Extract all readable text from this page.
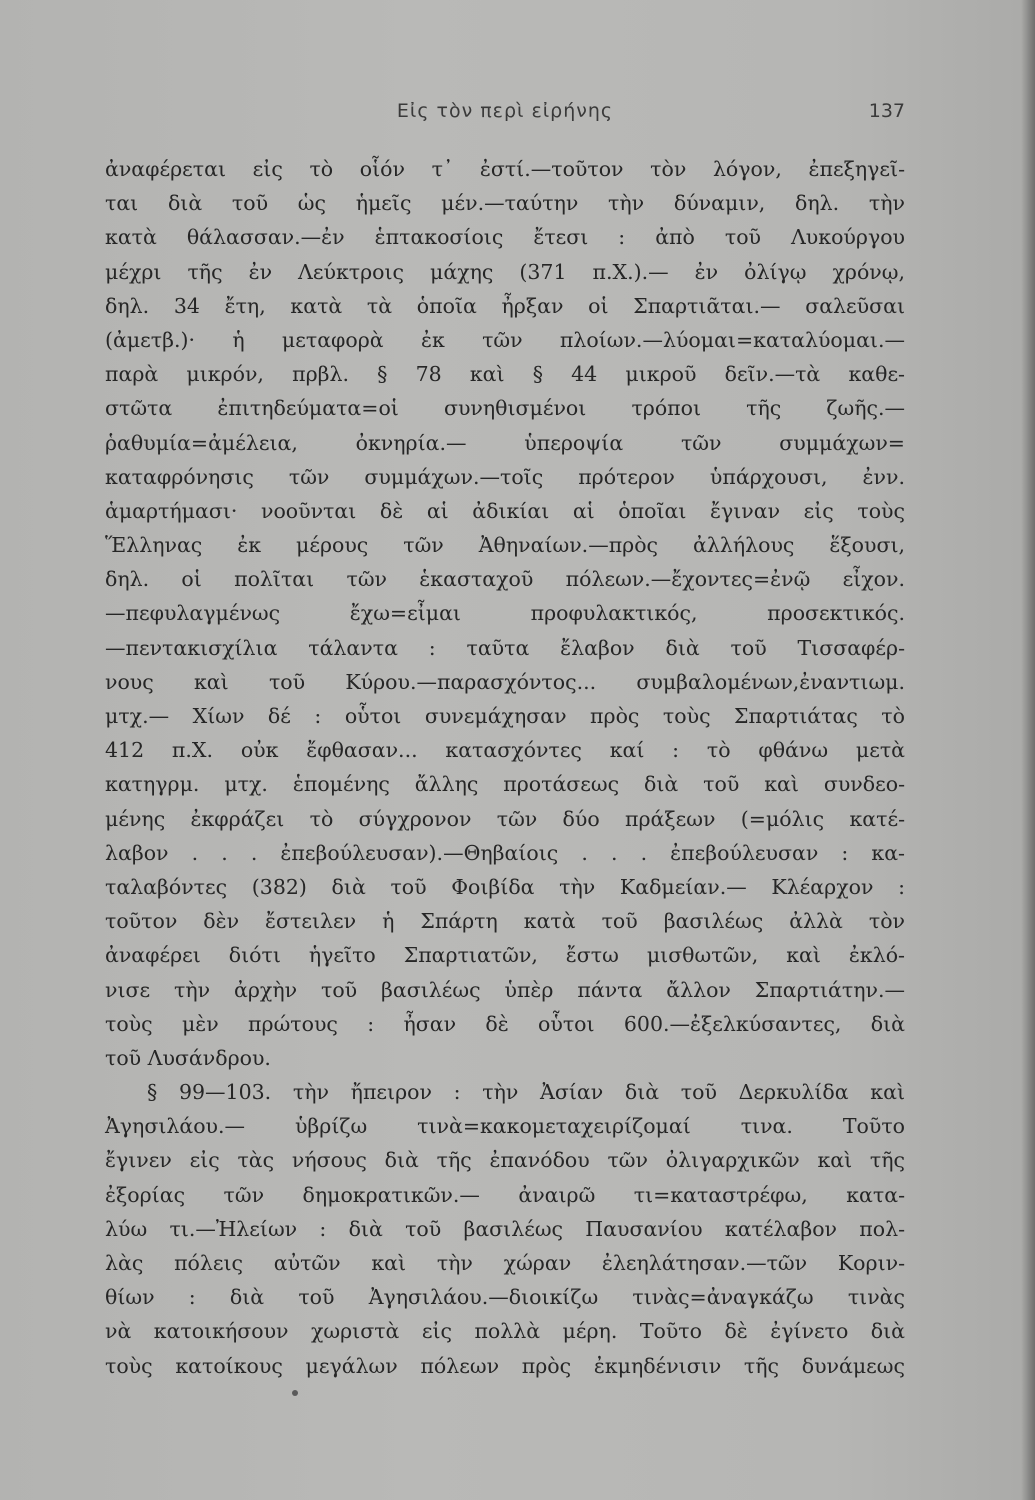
Εἰς τὸν περὶ εἰρήνης	137
ἀναφέρεται εἰς τὸ οἷόν τ᾿ ἐστί.—τοῦτον τὸν λόγον, ἐπεξηγεῖ-
ται διὰ τοῦ ὡς ἡμεῖς μέν.—ταύτην τὴν δύναμιν, δηλ. τὴν
κατὰ θάλασσαν.—ἐν ἑπτακοσίοις ἔτεσι : ἀπὸ τοῦ Λυκούργου
μέχρι τῆς ἐν Λεύκτροις μάχης (371 π.Χ.).— ἐν ὀλίγῳ χρόνῳ,
δηλ. 34 ἔτη, κατὰ τὰ ὁποῖα ἦρξαν οἱ Σπαρτιᾶται.— σαλεῦσαι
(ἀμετβ.)· ἡ μεταφορὰ ἐκ τῶν πλοίων.—λύομαι=καταλύομαι.—
παρὰ μικρόν, πρβλ. § 78 καὶ § 44 μικροῦ δεῖν.—τὰ καθε-
στῶτα ἐπιτηδεύματα=οἱ συνηθισμένοι τρόποι τῆς ζωῆς.—
ῥαθυμία=ἀμέλεια, ὀκνηρία.— ὑπεροψία τῶν συμμάχων=
καταφρόνησις τῶν συμμάχων.—τοῖς πρότερον ὑπάρχουσι, ἐνν.
ἁμαρτήμασι· νοοῦνται δὲ αἱ ἀδικίαι αἱ ὁποῖαι ἔγιναν εἰς τοὺς
Ἕλληνας ἐκ μέρους τῶν Ἀθηναίων.—πρὸς ἀλλήλους ἕξουσι,
δηλ. οἱ πολῖται τῶν ἑκασταχοῦ πόλεων.—ἔχοντες=ἐνῷ εἶχον.
—πεφυλαγμένως ἔχω=εἶμαι προφυλακτικός, προσεκτικός.
—πεντακισχίλια τάλαντα : ταῦτα ἔλαβον διὰ τοῦ Τισσαφέρ-
νους καὶ τοῦ Κύρου.—παρασχόντος... συμβαλομένων,ἐναντιωμ.
μτχ.— Χίων δέ : οὗτοι συνεμάχησαν πρὸς τοὺς Σπαρτιάτας τὸ
412 π.Χ. οὐκ ἔφθασαν... κατασχόντες καί : τὸ φθάνω μετὰ
κατηγρμ. μτχ. ἑπομένης ἄλλης προτάσεως διὰ τοῦ καὶ συνδεο-
μένης ἐκφράζει τὸ σύγχρονον τῶν δύο πράξεων (=μόλις κατέ-
λαβον . . . ἐπεβούλευσαν).—Θηβαίοις . . . ἐπεβούλευσαν : κα-
ταλαβόντες (382) διὰ τοῦ Φοιβίδα τὴν Καδμείαν.— Κλέαρχον :
τοῦτον δὲν ἔστειλεν ἡ Σπάρτη κατὰ τοῦ βασιλέως ἀλλὰ τὸν
ἀναφέρει διότι ἡγεῖτο Σπαρτιατῶν, ἔστω μισθωτῶν, καὶ ἐκλό-
νισε τὴν ἀρχὴν τοῦ βασιλέως ὑπὲρ πάντα ἄλλον Σπαρτιάτην.—
τοὺς μὲν πρώτους : ἦσαν δὲ οὗτοι 600.—ἐξελκύσαντες, διὰ
τοῦ Λυσάνδρου.
§ 99—103. τὴν ἤπειρον : τὴν Ἀσίαν διὰ τοῦ Δερκυλίδα καὶ
Ἀγησιλάου.— ὑβρίζω τινὰ=κακομεταχειρίζομαί τινα. Τοῦτο
ἔγινεν εἰς τὰς νήσους διὰ τῆς ἐπανόδου τῶν ὀλιγαρχικῶν καὶ τῆς
ἐξορίας τῶν δημοκρατικῶν.— ἀναιρῶ τι=καταστρέφω, κατα-
λύω τι.—Ἠλείων : διὰ τοῦ βασιλέως Παυσανίου κατέλαβον πολ-
λὰς πόλεις αὐτῶν καὶ τὴν χώραν ἐλεηλάτησαν.—τῶν Κοριν-
θίων : διὰ τοῦ Ἀγησιλάου.—διοικίζω τινὰς=ἀναγκάζω τινὰς
νὰ κατοικήσουν χωριστὰ εἰς πολλὰ μέρη. Τοῦτο δὲ ἐγίνετο διὰ
τοὺς κατοίκους μεγάλων πόλεων πρὸς ἐκμηδένισιν τῆς δυνάμεως
